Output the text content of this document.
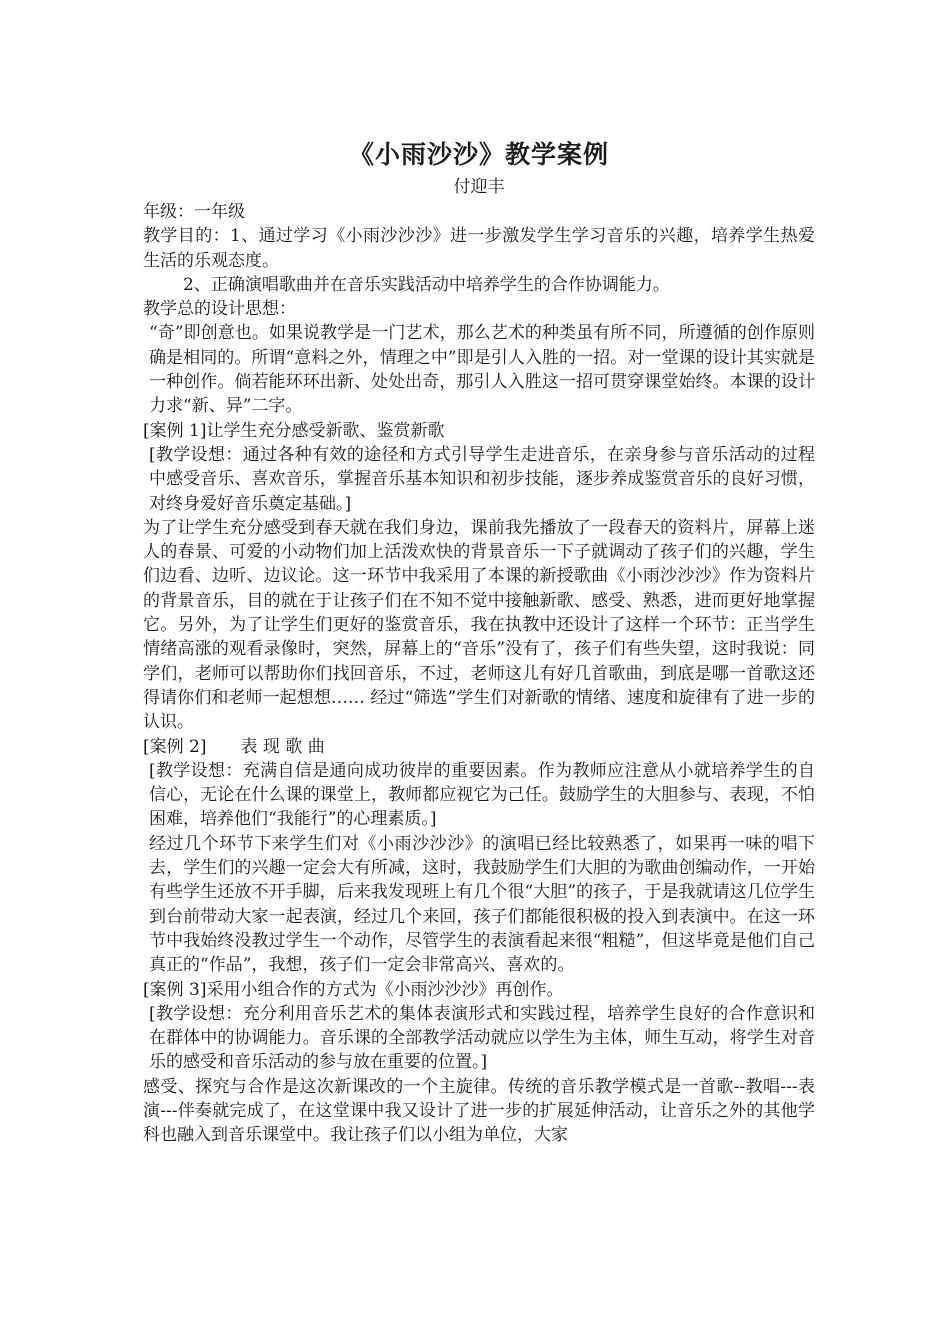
《小雨沙沙》教学案例

付迎丰

年级：一年级

教学目的：1、通过学习《小雨沙沙沙》进一步激发学生学习音乐的兴趣，培养学生热爱生活的乐观态度。

2、正确演唱歌曲并在音乐实践活动中培养学生的合作协调能力。

教学总的设计思想：

“奇”即创意也。如果说教学是一门艺术，那么艺术的种类虽有所不同，所遵循的创作原则确是相同的。所谓“意料之外，情理之中”即是引人入胜的一招。对一堂课的设计其实就是一种创作。倘若能环环出新、处处出奇，那引人入胜这一招可贯穿课堂始终。本课的设计力求“新、异”二字。

[案例 1]让学生充分感受新歌、鉴赏新歌

[教学设想：通过各种有效的途径和方式引导学生走进音乐，在亲身参与音乐活动的过程中感受音乐、喜欢音乐，掌握音乐基本知识和初步技能，逐步养成鉴赏音乐的良好习惯，对终身爱好音乐奠定基础。]

为了让学生充分感受到春天就在我们身边，课前我先播放了一段春天的资料片，屏幕上迷人的春景、可爱的小动物们加上活泼欢快的背景音乐一下子就调动了孩子们的兴趣，学生们边看、边听、边议论。这一环节中我采用了本课的新授歌曲《小雨沙沙沙》作为资料片的背景音乐，目的就在于让孩子们在不知不觉中接触新歌、感受、熟悉，进而更好地掌握它。另外，为了让学生们更好的鉴赏音乐，我在执教中还设计了这样一个环节：正当学生情绪高涨的观看录像时，突然，屏幕上的“音乐”没有了，孩子们有些失望，这时我说：同学们，老师可以帮助你们找回音乐，不过，老师这儿有好几首歌曲，到底是哪一首歌这还得请你们和老师一起想想…… 经过“筛选”学生们对新歌的情绪、速度和旋律有了进一步的认识。

[案例 2]　　表 现 歌 曲

[教学设想：充满自信是通向成功彼岸的重要因素。作为教师应注意从小就培养学生的自信心，无论在什么课的课堂上，教师都应视它为己任。鼓励学生的大胆参与、表现，不怕困难，培养他们“我能行”的心理素质。]

经过几个环节下来学生们对《小雨沙沙沙》的演唱已经比较熟悉了，如果再一味的唱下去，学生们的兴趣一定会大有所减，这时，我鼓励学生们大胆的为歌曲创编动作，一开始有些学生还放不开手脚，后来我发现班上有几个很“大胆”的孩子，于是我就请这几位学生到台前带动大家一起表演，经过几个来回，孩子们都能很积极的投入到表演中。在这一环节中我始终没教过学生一个动作，尽管学生的表演看起来很“粗糙”，但这毕竟是他们自己真正的“作品”，我想，孩子们一定会非常高兴、喜欢的。

[案例 3]采用小组合作的方式为《小雨沙沙沙》再创作。

[教学设想：充分利用音乐艺术的集体表演形式和实践过程，培养学生良好的合作意识和在群体中的协调能力。音乐课的全部教学活动就应以学生为主体，师生互动，将学生对音乐的感受和音乐活动的参与放在重要的位置。]

感受、探究与合作是这次新课改的一个主旋律。传统的音乐教学模式是一首歌--教唱---表演---伴奏就完成了，在这堂课中我又设计了进一步的扩展延伸活动，让音乐之外的其他学科也融入到音乐课堂中。我让孩子们以小组为单位，大家
